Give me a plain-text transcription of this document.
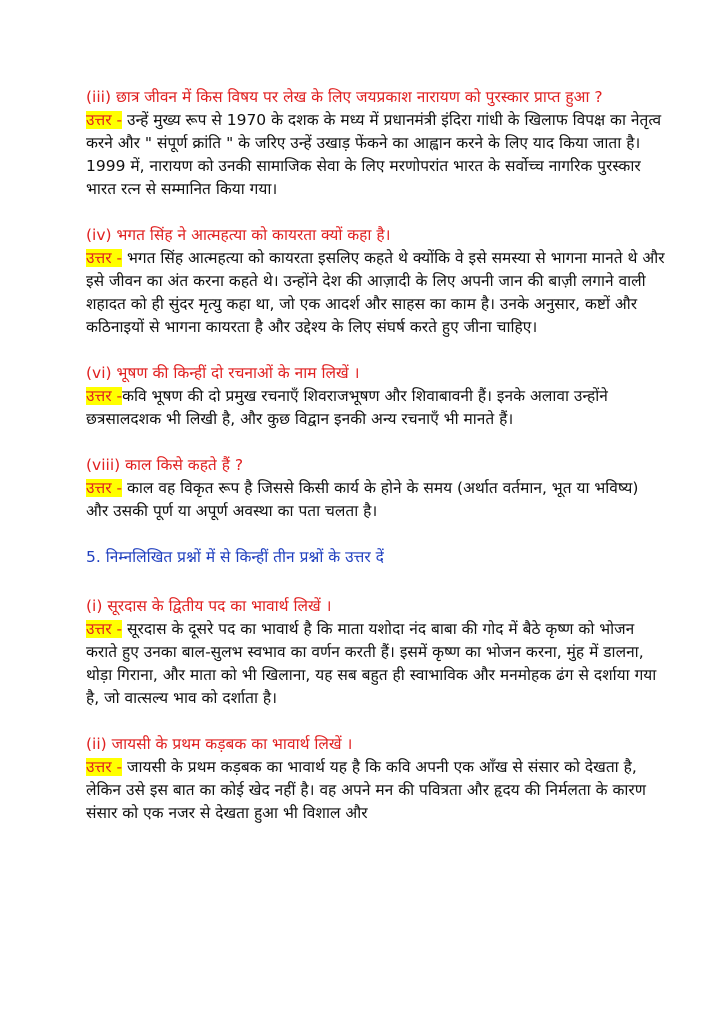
(iii) छात्र जीवन में किस विषय पर लेख के लिए जयप्रकाश नारायण को पुरस्कार प्राप्त हुआ ?

उत्तर - उन्हें मुख्य रूप से 1970 के दशक के मध्य में प्रधानमंत्री इंदिरा गांधी के खिलाफ विपक्ष का नेतृत्व करने और " संपूर्ण क्रांति " के जरिए उन्हें उखाड़ फेंकने का आह्वान करने के लिए याद किया जाता है। 1999 में, नारायण को उनकी सामाजिक सेवा के लिए मरणोपरांत भारत के सर्वोच्च नागरिक पुरस्कार भारत रत्न से सम्मानित किया गया।

(iv) भगत सिंह ने आत्महत्या को कायरता क्यों कहा है।

उत्तर - भगत सिंह आत्महत्या को कायरता इसलिए कहते थे क्योंकि वे इसे समस्या से भागना मानते थे और इसे जीवन का अंत करना कहते थे। उन्होंने देश की आज़ादी के लिए अपनी जान की बाज़ी लगाने वाली शहादत को ही सुंदर मृत्यु कहा था, जो एक आदर्श और साहस का काम है। उनके अनुसार, कष्टों और कठिनाइयों से भागना कायरता है और उद्देश्य के लिए संघर्ष करते हुए जीना चाहिए।

(vi) भूषण की किन्हीं दो रचनाओं के नाम लिखें ।

उत्तर -कवि भूषण की दो प्रमुख रचनाएँ शिवराजभूषण और शिवाबावनी हैं। इनके अलावा उन्होंने छत्रसालदशक भी लिखी है, और कुछ विद्वान इनकी अन्य रचनाएँ भी मानते हैं।

(viii) काल किसे कहते हैं ?

उत्तर - काल वह विकृत रूप है जिससे किसी कार्य के होने के समय (अर्थात वर्तमान, भूत या भविष्य) और उसकी पूर्ण या अपूर्ण अवस्था का पता चलता है।

5. निम्नलिखित प्रश्नों में से किन्हीं तीन प्रश्नों के उत्तर दें

(i) सूरदास के द्वितीय पद का भावार्थ लिखें ।

उत्तर - सूरदास के दूसरे पद का भावार्थ है कि माता यशोदा नंद बाबा की गोद में बैठे कृष्ण को भोजन कराते हुए उनका बाल-सुलभ स्वभाव का वर्णन करती हैं। इसमें कृष्ण का भोजन करना, मुंह में डालना, थोड़ा गिराना, और माता को भी खिलाना, यह सब बहुत ही स्वाभाविक और मनमोहक ढंग से दर्शाया गया है, जो वात्सल्य भाव को दर्शाता है।

(ii) जायसी के प्रथम कड़बक का भावार्थ लिखें ।

उत्तर - जायसी के प्रथम कड़बक का भावार्थ यह है कि कवि अपनी एक आँख से संसार को देखता है, लेकिन उसे इस बात का कोई खेद नहीं है। वह अपने मन की पवित्रता और हृदय की निर्मलता के कारण संसार को एक नजर से देखता हुआ भी विशाल और
